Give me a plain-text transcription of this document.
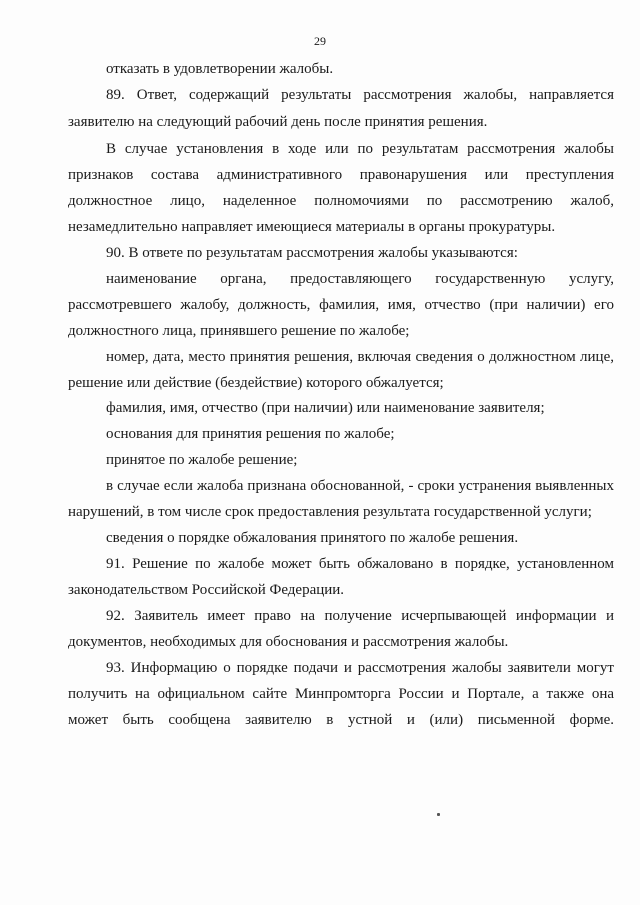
29
отказать в удовлетворении жалобы.
89. Ответ, содержащий результаты рассмотрения жалобы, направляется
заявителю на следующий рабочий день после принятия решения.
В случае установления в ходе или по результатам рассмотрения жалобы
признаков состава административного правонарушения или преступления
должностное лицо, наделенное полномочиями по рассмотрению жалоб,
незамедлительно направляет имеющиеся материалы в органы прокуратуры.
90. В ответе по результатам рассмотрения жалобы указываются:
наименование органа, предоставляющего государственную услугу,
рассмотревшего жалобу, должность, фамилия, имя, отчество (при наличии) его
должностного лица, принявшего решение по жалобе;
номер, дата, место принятия решения, включая сведения о должностном лице,
решение или действие (бездействие) которого обжалуется;
фамилия, имя, отчество (при наличии) или наименование заявителя;
основания для принятия решения по жалобе;
принятое по жалобе решение;
в случае если жалоба признана обоснованной, - сроки устранения выявленных
нарушений, в том числе срок предоставления результата государственной услуги;
сведения о порядке обжалования принятого по жалобе решения.
91. Решение по жалобе может быть обжаловано в порядке, установленном
законодательством Российской Федерации.
92. Заявитель имеет право на получение исчерпывающей информации и
документов, необходимых для обоснования и рассмотрения жалобы.
93. Информацию о порядке подачи и рассмотрения жалобы заявители могут
получить на официальном сайте Минпромторга России и Портале, а также она
может быть сообщена заявителю в устной и (или) письменной форме.
